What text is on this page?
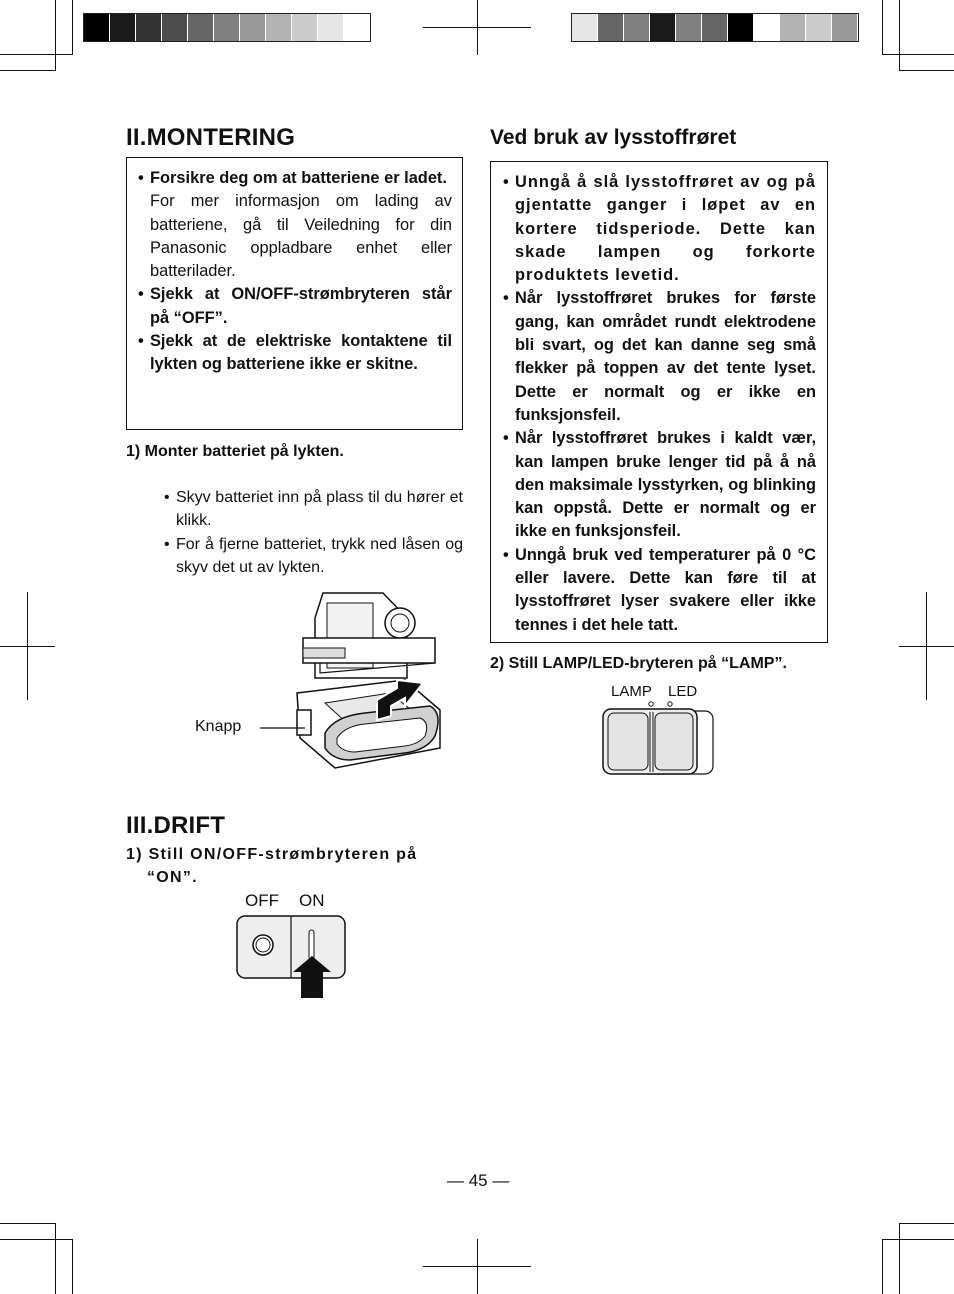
II.MONTERING
• Forsikre deg om at batteriene er ladet.
For mer informasjon om lading av batteriene, gå til Veiledning for din Panasonic oppladbare enhet eller batterilader.
• Sjekk at ON/OFF-strømbryteren står på “OFF”.
• Sjekk at de elektriske kontaktene til lykten og batteriene ikke er skitne.
1) Monter batteriet på lykten.
• Skyv batteriet inn på plass til du hører et klikk.
• For å fjerne batteriet, trykk ned låsen og skyv det ut av lykten.
Knapp
III.DRIFT
1) Still ON/OFF-strømbryteren på “ON”.
OFF ON
Ved bruk av lysstoffrøret
• Unngå å slå lysstoffrøret av og på gjentatte ganger i løpet av en kortere tidsperiode. Dette kan skade lampen og forkorte produktets levetid.
• Når lysstoffrøret brukes for første gang, kan området rundt elektrodene bli svart, og det kan danne seg små flekker på toppen av det tente lyset. Dette er normalt og er ikke en funksjonsfeil.
• Når lysstoffrøret brukes i kaldt vær, kan lampen bruke lenger tid på å nå den maksimale lysstyrken, og blinking kan oppstå. Dette er normalt og er ikke en funksjonsfeil.
• Unngå bruk ved temperaturer på 0 °C eller lavere. Dette kan føre til at lysstoffrøret lyser svakere eller ikke tennes i det hele tatt.
2) Still LAMP/LED-bryteren på “LAMP”.
LAMP LED
— 45 —
